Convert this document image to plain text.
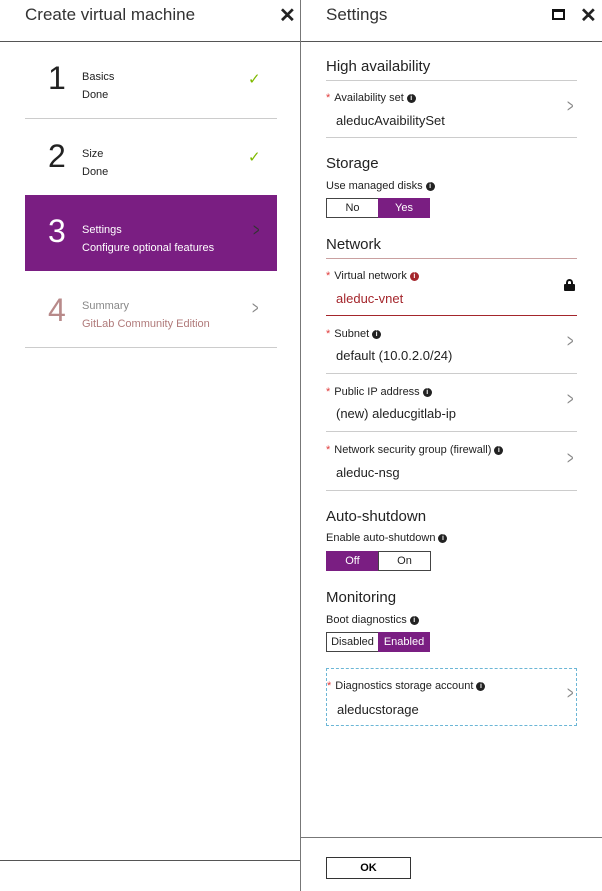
Create virtual machine	✕
1 Basics
Done
✓
2 Size
Done
✓
3 Settings
Configure optional features
>
4 Summary
GitLab Community Edition
>
Settings	✕
High availability
* Availability set i
aleducAvaibilitySet
>
Storage
Use managed disks i
No	Yes
Network
* Virtual network i
aleduc-vnet
* Subnet i
default (10.0.2.0/24)
>
* Public IP address i
(new) aleducgitlab-ip
>
* Network security group (firewall) i
aleduc-nsg
>
Auto-shutdown
Enable auto-shutdown i
Off	On
Monitoring
Boot diagnostics i
Disabled Enabled
* Diagnostics storage account i
aleducstorage
>
OK
